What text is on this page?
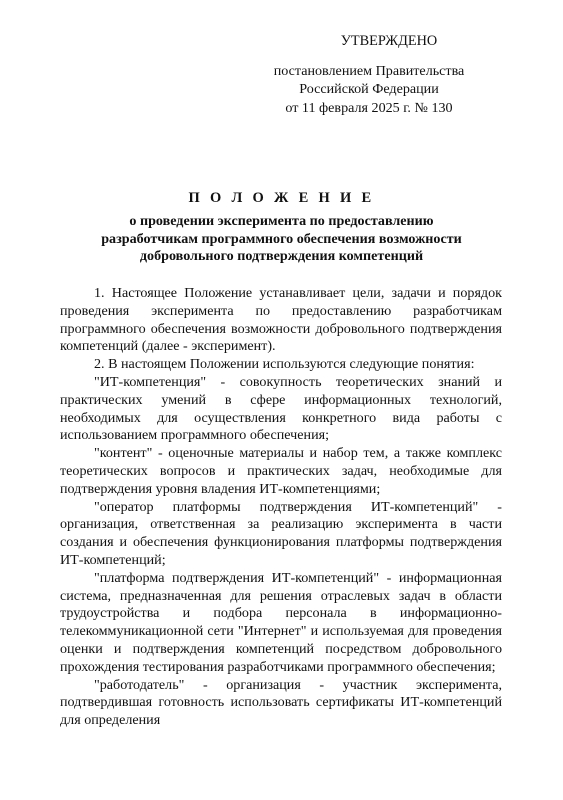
УТВЕРЖДЕНО
постановлением Правительства
Российской Федерации
от 11 февраля 2025 г. № 130
П О Л О Ж Е Н И Е
о проведении эксперимента по предоставлению
разработчикам программного обеспечения возможности
добровольного подтверждения компетенций

1. Настоящее Положение устанавливает цели, задачи и порядок проведения эксперимента по предоставлению разработчикам программного обеспечения возможности добровольного подтверждения компетенций (далее - эксперимент).

2. В настоящем Положении используются следующие понятия:

"ИТ-компетенция" - совокупность теоретических знаний и практических умений в сфере информационных технологий, необходимых для осуществления конкретного вида работы с использованием программного обеспечения;

"контент" - оценочные материалы и набор тем, а также комплекс теоретических вопросов и практических задач, необходимые для подтверждения уровня владения ИТ-компетенциями;

"оператор платформы подтверждения ИТ-компетенций" - организация, ответственная за реализацию эксперимента в части создания и обеспечения функционирования платформы подтверждения ИТ-компетенций;

"платформа подтверждения ИТ-компетенций" - информационная система, предназначенная для решения отраслевых задач в области трудоустройства и подбора персонала в информационно-телекоммуникационной сети "Интернет" и используемая для проведения оценки и подтверждения компетенций посредством добровольного прохождения тестирования разработчиками программного обеспечения;

"работодатель" - организация - участник эксперимента, подтвердившая готовность использовать сертификаты ИТ-компетенций для определения
